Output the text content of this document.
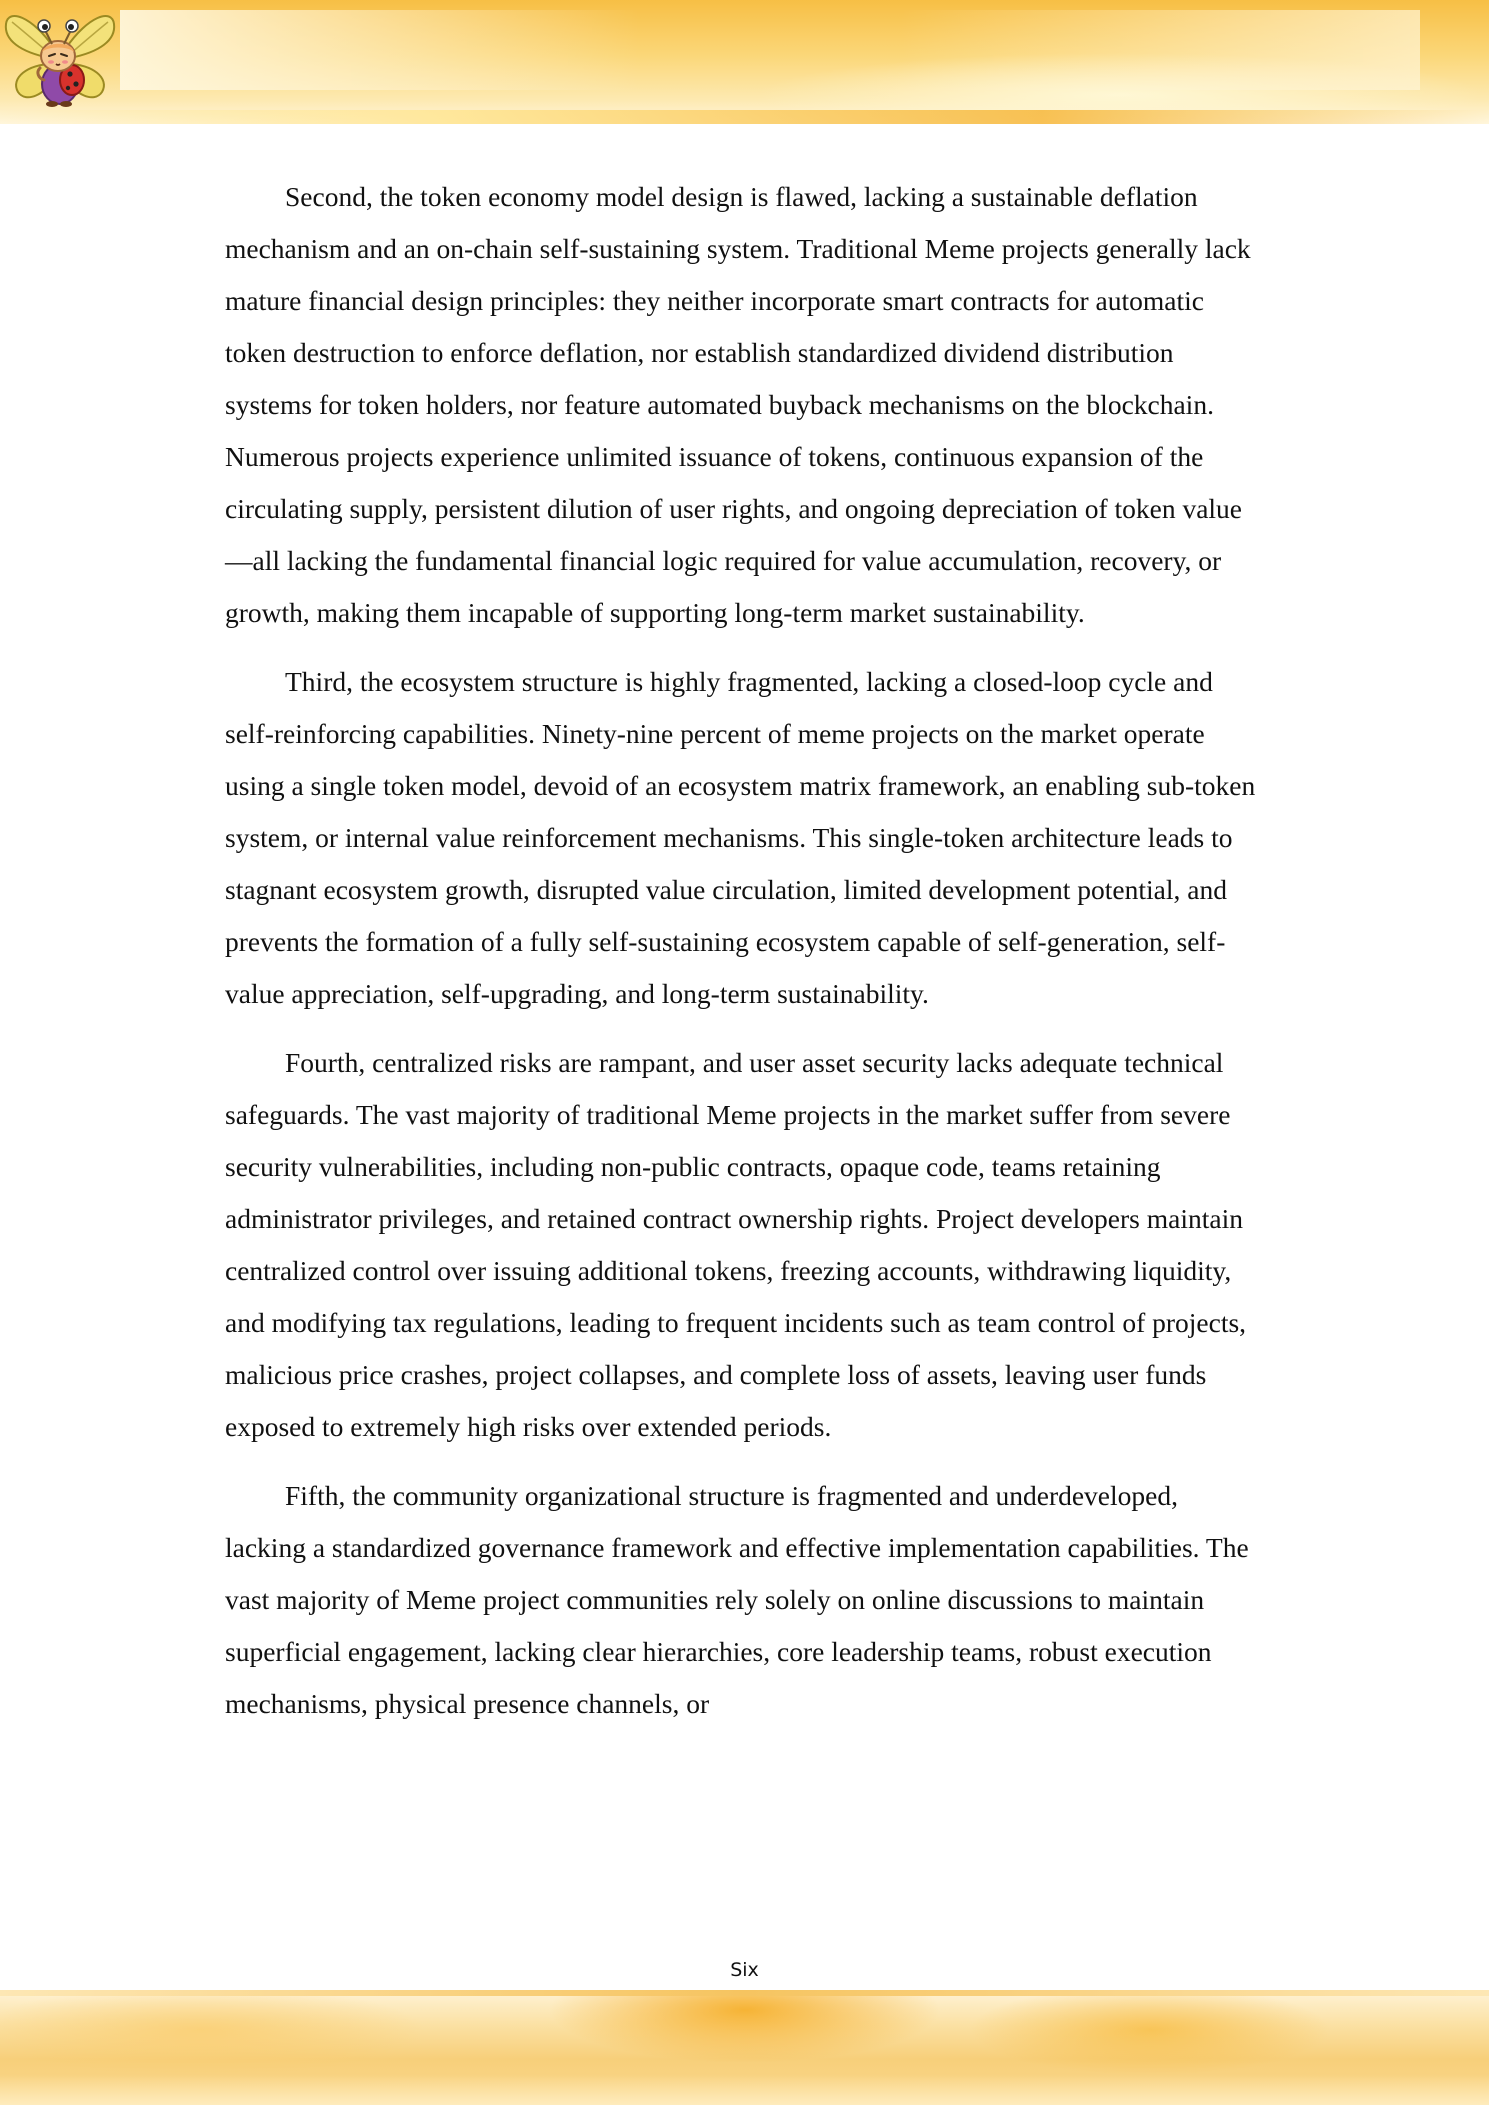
Second, the token economy model design is flawed, lacking a sustainable deflation mechanism and an on-chain self-sustaining system. Traditional Meme projects generally lack mature financial design principles: they neither incorporate smart contracts for automatic token destruction to enforce deflation, nor establish standardized dividend distribution systems for token holders, nor feature automated buyback mechanisms on the blockchain. Numerous projects experience unlimited issuance of tokens, continuous expansion of the circulating supply, persistent dilution of user rights, and ongoing depreciation of token value—all lacking the fundamental financial logic required for value accumulation, recovery, or growth, making them incapable of supporting long-term market sustainability.

Third, the ecosystem structure is highly fragmented, lacking a closed-loop cycle and self-reinforcing capabilities. Ninety-nine percent of meme projects on the market operate using a single token model, devoid of an ecosystem matrix framework, an enabling sub-token system, or internal value reinforcement mechanisms. This single-token architecture leads to stagnant ecosystem growth, disrupted value circulation, limited development potential, and prevents the formation of a fully self-sustaining ecosystem capable of self-generation, self-value appreciation, self-upgrading, and long-term sustainability.

Fourth, centralized risks are rampant, and user asset security lacks adequate technical safeguards. The vast majority of traditional Meme projects in the market suffer from severe security vulnerabilities, including non-public contracts, opaque code, teams retaining administrator privileges, and retained contract ownership rights. Project developers maintain centralized control over issuing additional tokens, freezing accounts, withdrawing liquidity, and modifying tax regulations, leading to frequent incidents such as team control of projects, malicious price crashes, project collapses, and complete loss of assets, leaving user funds exposed to extremely high risks over extended periods.

Fifth, the community organizational structure is fragmented and underdeveloped, lacking a standardized governance framework and effective implementation capabilities. The vast majority of Meme project communities rely solely on online discussions to maintain superficial engagement, lacking clear hierarchies, core leadership teams, robust execution mechanisms, physical presence channels, or

Six
